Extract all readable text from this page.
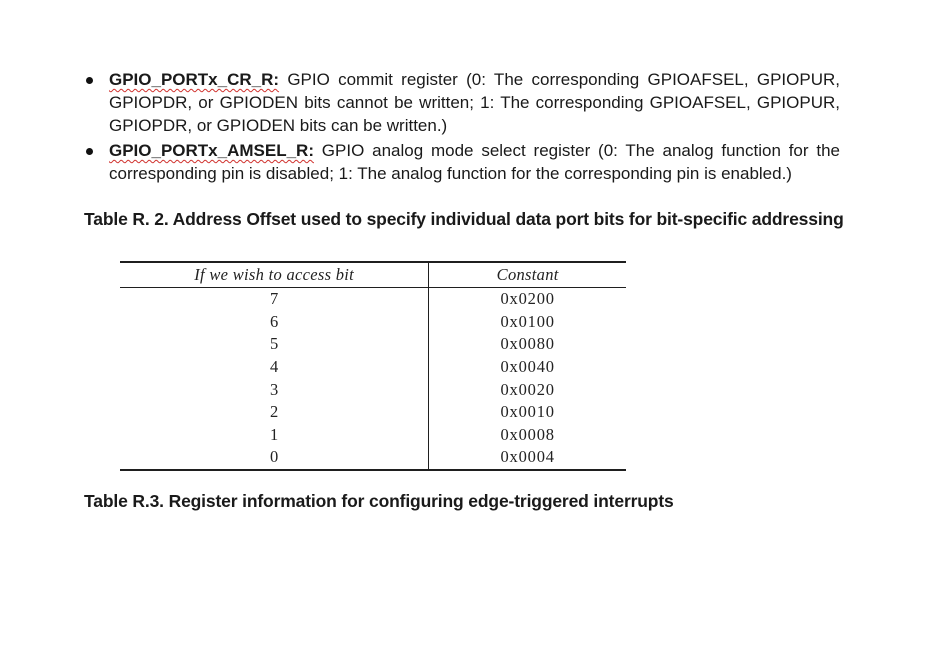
GPIO_PORTx_CR_R: GPIO commit register (0: The corresponding GPIOAFSEL, GPIOPUR, GPIOPDR, or GPIODEN bits cannot be written; 1: The corresponding GPIOAFSEL, GPIOPUR, GPIOPDR, or GPIODEN bits can be written.)
GPIO_PORTx_AMSEL_R: GPIO analog mode select register (0: The analog function for the corresponding pin is disabled; 1: The analog function for the corresponding pin is enabled.)
Table R. 2. Address Offset used to specify individual data port bits for bit-specific addressing
If we wish to access bit	Constant
7	0x0200
6	0x0100
5	0x0080
4	0x0040
3	0x0020
2	0x0010
1	0x0008
0	0x0004
Table R.3. Register information for configuring edge-triggered interrupts
